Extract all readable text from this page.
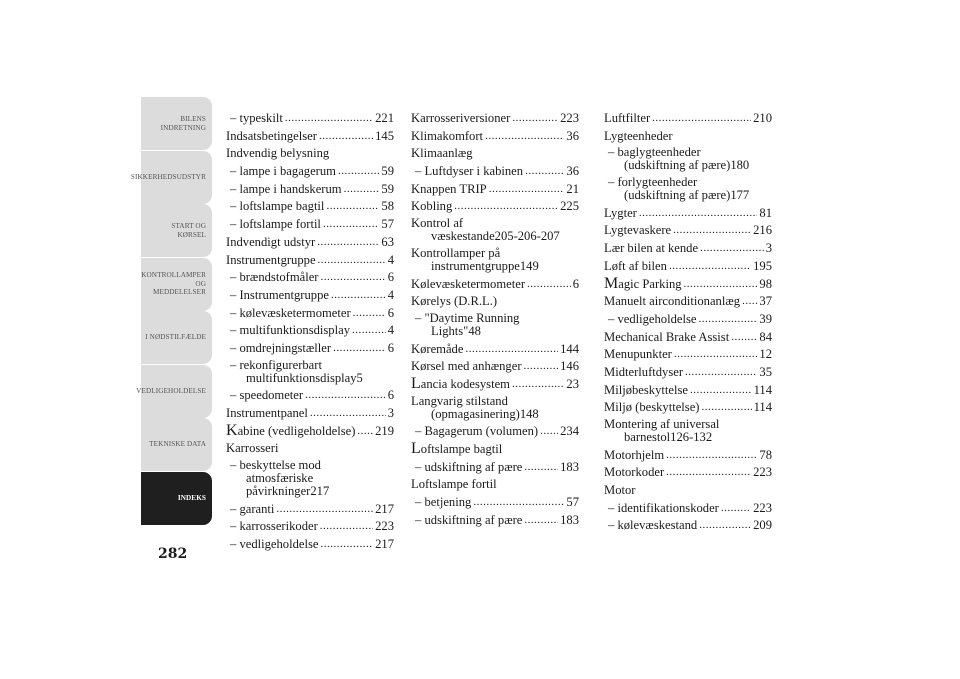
BILENS
INDRETNING
SIKKERHEDSUDSTYR
START OG KØRSEL
KONTROLLAMPER
OG MEDDELELSER
I NØDSTILFÆLDE
VEDLIGEHOLDELSE
TEKNISKE DATA
INDEKS
282
– typeskilt .....	221
Indsatsbetingelser .....	145
Indvendig belysning
– lampe i bagagerum .....	59
– lampe i handskerum .....	59
– loftslampe bagtil .....	58
– loftslampe fortil .....	57
Indvendigt udstyr .....	63
Instrumentgruppe .....	4
– brændstofmåler .....	6
– Instrumentgruppe .....	4
– kølevæsketermometer .....	6
– multifunktionsdisplay .....	4
– omdrejningstæller .....	6
– rekonfigurerbart
multifunktionsdisplay 5
– speedometer .....	6
Instrumentpanel .....	3
Kabine (vedligeholdelse) ..... 219
Karrosseri
– beskyttelse mod
atmosfæriske
påvirkninger 217
– garanti .....	217
– karrosserikoder .....	223
– vedligeholdelse .....	217
Karrosseriversioner .....	223
Klimakomfort .....	36
Klimaanlæg
– Luftdyser i kabinen .....	36
Knappen TRIP .....	21
Kobling .....	225
Kontrol af
væskestande 205-206-207
Kontrollamper på
instrumentgruppe 149
Kølevæsketermometer .....	6
Kørelys (D.R.L.)
– "Daytime Running
Lights" 48
Køremåde .....	144
Kørsel med anhænger .....	146
Lancia kodesystem .....	23
Langvarig stilstand
(opmagasinering) 148
– Bagagerum (volumen) ..... 234
Loftslampe bagtil
– udskiftning af pære .....	183
Loftslampe fortil
– betjening .....	57
– udskiftning af pære .....	183
Luftfilter .....	210
Lygteenheder
– baglygteenheder
(udskiftning af pære) 180
– forlygteenheder
(udskiftning af pære) 177
Lygter .....	81
Lygtevaskere .....	216
Lær bilen at kende .....	3
Løft af bilen .....	195
Magic Parking .....	98
Manuelt airconditionanlæg ..... 37
– vedligeholdelse .....	39
Mechanical Brake Assist ..... 84
Menupunkter .....	12
Midterluftdyser .....	35
Miljøbeskyttelse .....	114
Miljø (beskyttelse) .....	114
Montering af universal
barnestol 126-132
Motorhjelm .....	78
Motorkoder .....	223
Motor
– identifikationskoder .....	223
– kølevæskestand .....	209
